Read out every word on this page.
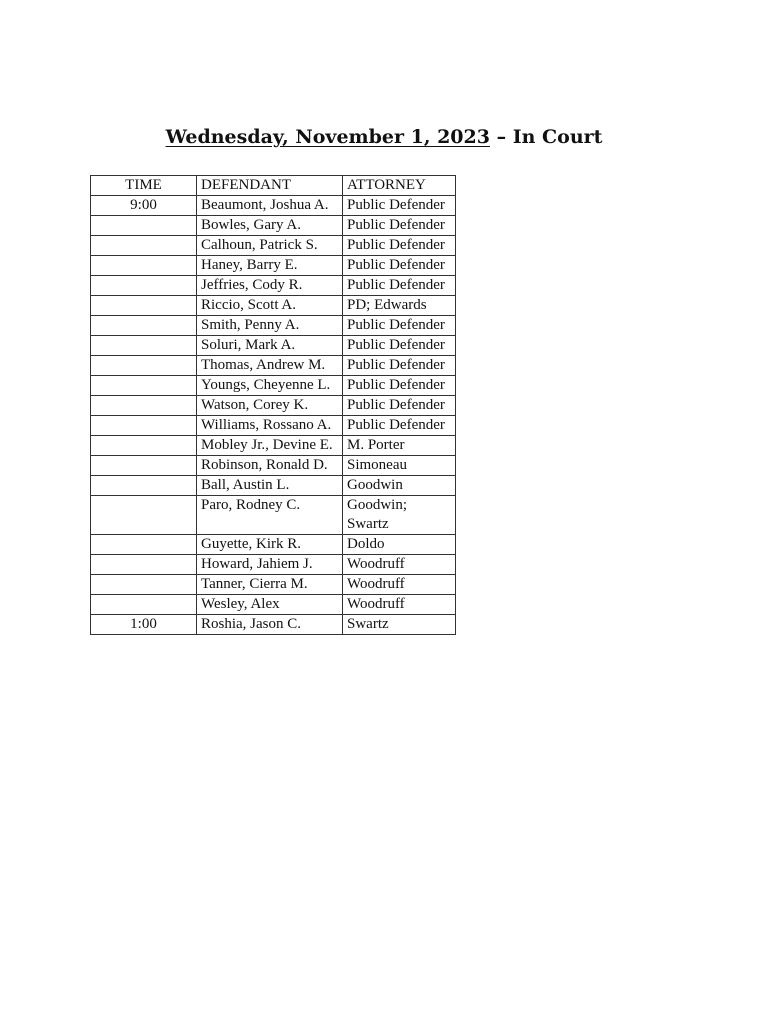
Wednesday, November 1, 2023 – In Court
TIME	DEFENDANT	ATTORNEY
9:00	Beaumont, Joshua A.	Public Defender
	Bowles, Gary A.	Public Defender
	Calhoun, Patrick S.	Public Defender
	Haney, Barry E.	Public Defender
	Jeffries, Cody R.	Public Defender
	Riccio, Scott A.	PD; Edwards
	Smith, Penny A.	Public Defender
	Soluri, Mark A.	Public Defender
	Thomas, Andrew M.	Public Defender
	Youngs, Cheyenne L.	Public Defender
	Watson, Corey K.	Public Defender
	Williams, Rossano A.	Public Defender
	Mobley Jr., Devine E.	M. Porter
	Robinson, Ronald D.	Simoneau
	Ball, Austin L.	Goodwin
	Paro, Rodney C.	Goodwin; Swartz
	Guyette, Kirk R.	Doldo
	Howard, Jahiem J.	Woodruff
	Tanner, Cierra M.	Woodruff
	Wesley, Alex	Woodruff
1:00	Roshia, Jason C.	Swartz
